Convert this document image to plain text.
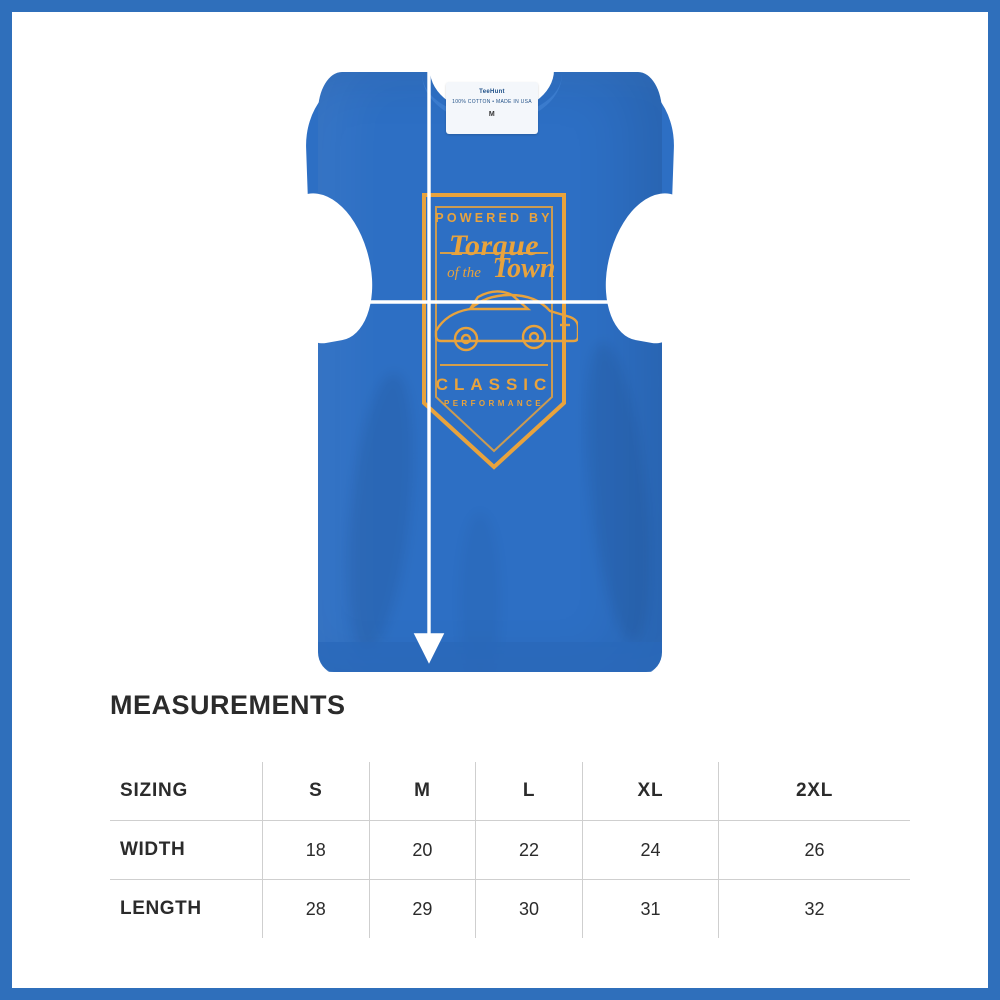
TeeHunt
100% COTTON • MADE IN USA
M
POWERED BY
Torque
of the Town
CLASSIC
PERFORMANCE
MEASUREMENTS
SIZING	S	M	L	XL	2XL
WIDTH	18	20	22	24	26
LENGTH	28	29	30	31	32
